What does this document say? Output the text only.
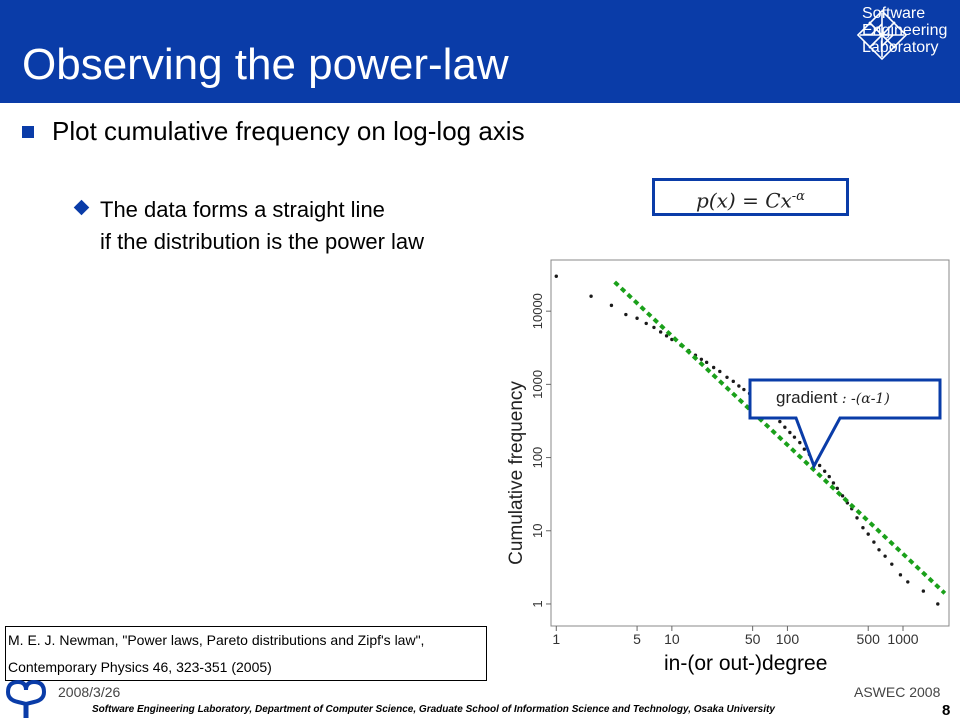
Observing the power-law
Software
Engineering
Laboratory
Plot cumulative frequency on log-log axis
The data forms a straight line
if the distribution is the power law
$p(x) = Cx^{-\alpha}$
Cumulative frequency
1	5 10	50 100	500 1000
1
10
100
1000
10000
in-(or out-)degree
gradient : -(α-1)
M. E. J. Newman, "Power laws, Pareto distributions and Zipf's law",
Contemporary Physics 46, 323-351 (2005)
2008/3/26	ASWEC 2008
8
Software Engineering Laboratory, Department of Computer Science, Graduate School of Information Science and Technology, Osaka University
